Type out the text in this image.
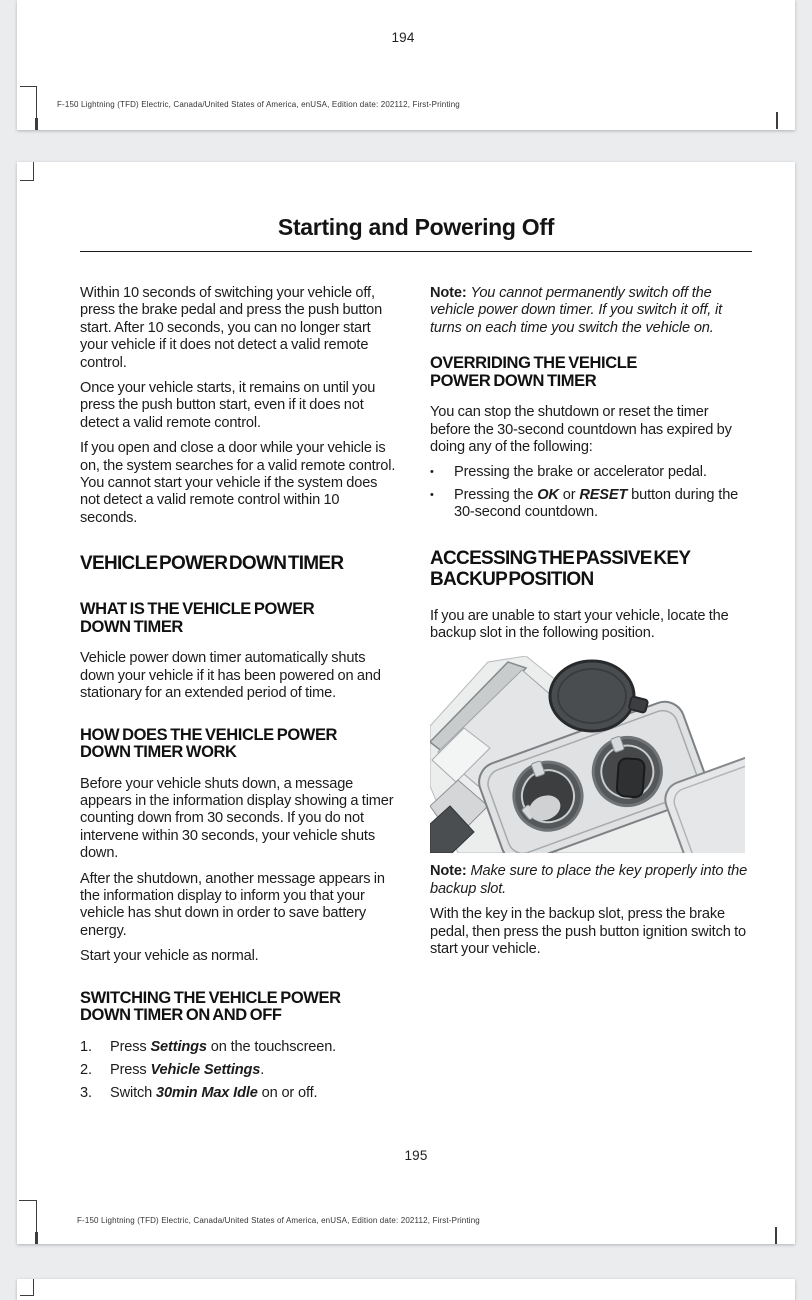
194
F-150 Lightning (TFD) Electric, Canada/United States of America, enUSA, Edition date: 202112, First-Printing
Starting and Powering Off

Within 10 seconds of switching your vehicle off, press the brake pedal and press the push button start. After 10 seconds, you can no longer start your vehicle if it does not detect a valid remote control.

Once your vehicle starts, it remains on until you press the push button start, even if it does not detect a valid remote control.

If you open and close a door while your vehicle is on, the system searches for a valid remote control. You cannot start your vehicle if the system does not detect a valid remote control within 10 seconds.

VEHICLE POWER DOWN TIMER
WHAT IS THE VEHICLE POWER
DOWN TIMER

Vehicle power down timer automatically shuts down your vehicle if it has been powered on and stationary for an extended period of time.

HOW DOES THE VEHICLE POWER
DOWN TIMER WORK

Before your vehicle shuts down, a message appears in the information display showing a timer counting down from 30 seconds. If you do not intervene within 30 seconds, your vehicle shuts down.

After the shutdown, another message appears in the information display to inform you that your vehicle has shut down in order to save battery energy.

Start your vehicle as normal.

SWITCHING THE VEHICLE POWER
DOWN TIMER ON AND OFF
1.	Press Settings on the touchscreen.
2.	Press Vehicle Settings.
3.	Switch 30min Max Idle on or off.

Note: You cannot permanently switch off the vehicle power down timer. If you switch it off, it turns on each time you switch the vehicle on.

OVERRIDING THE VEHICLE
POWER DOWN TIMER

You can stop the shutdown or reset the timer before the 30-second countdown has expired by doing any of the following:

•	Pressing the brake or accelerator pedal.
•	Pressing the OK or RESET button during the 30-second countdown.
ACCESSING THE PASSIVE KEY
BACKUP POSITION

If you are unable to start your vehicle, locate the backup slot in the following position.

Note: Make sure to place the key properly into the backup slot.

With the key in the backup slot, press the brake pedal, then press the push button ignition switch to start your vehicle.

195
F-150 Lightning (TFD) Electric, Canada/United States of America, enUSA, Edition date: 202112, First-Printing
